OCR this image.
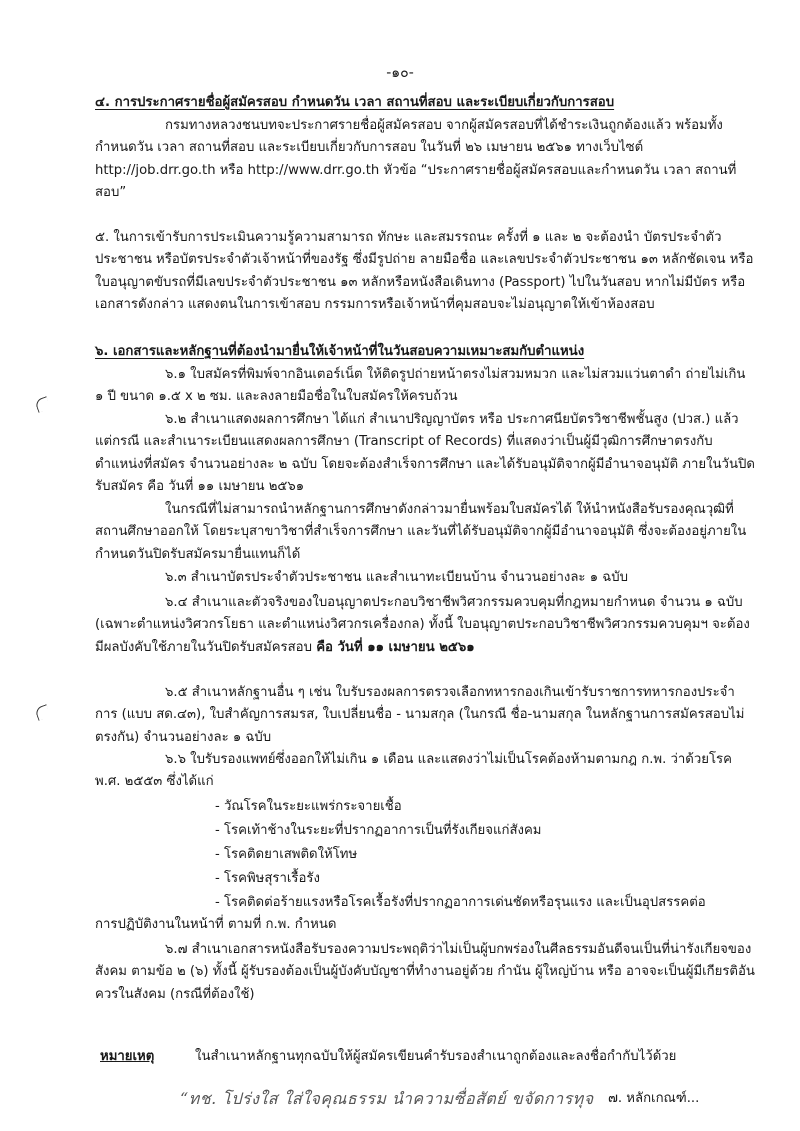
-๑๐-

๔. การประกาศรายชื่อผู้สมัครสอบ กำหนดวัน เวลา สถานที่สอบ และระเบียบเกี่ยวกับการสอบ

กรมทางหลวงชนบทจะประกาศรายชื่อผู้สมัครสอบ จากผู้สมัครสอบที่ได้ชำระเงินถูกต้องแล้ว พร้อมทั้งกำหนดวัน เวลา สถานที่สอบ และระเบียบเกี่ยวกับการสอบ ในวันที่ ๒๖ เมษายน ๒๕๖๑ ทางเว็บไซต์ http://job.drr.go.th หรือ http://www.drr.go.th หัวข้อ “ประกาศรายชื่อผู้สมัครสอบและกำหนดวัน เวลา สถานที่สอบ”

๕. ในการเข้ารับการประเมินความรู้ความสามารถ ทักษะ และสมรรถนะ ครั้งที่ ๑ และ ๒ จะต้องนำ บัตรประจำตัวประชาชน หรือบัตรประจำตัวเจ้าหน้าที่ของรัฐ ซึ่งมีรูปถ่าย ลายมือชื่อ และเลขประจำตัวประชาชน ๑๓ หลักชัดเจน หรือ ใบอนุญาตขับรถที่มีเลขประจำตัวประชาชน ๑๓ หลักหรือหนังสือเดินทาง (Passport) ไปในวันสอบ หากไม่มีบัตร หรือเอกสารดังกล่าว แสดงตนในการเข้าสอบ กรรมการหรือเจ้าหน้าที่คุมสอบจะไม่อนุญาตให้เข้าห้องสอบ

๖. เอกสารและหลักฐานที่ต้องนำมายื่นให้เจ้าหน้าที่ในวันสอบความเหมาะสมกับตำแหน่ง

๖.๑ ใบสมัครที่พิมพ์จากอินเตอร์เน็ต ให้ติดรูปถ่ายหน้าตรงไม่สวมหมวก และไม่สวมแว่นตาดำ ถ่ายไม่เกิน ๑ ปี ขนาด ๑.๕ x ๒ ซม. และลงลายมือชื่อในใบสมัครให้ครบถ้วน

๖.๒ สำเนาแสดงผลการศึกษา ได้แก่ สำเนาปริญญาบัตร หรือ ประกาศนียบัตรวิชาชีพชั้นสูง (ปวส.) แล้วแต่กรณี และสำเนาระเบียนแสดงผลการศึกษา (Transcript of Records) ที่แสดงว่าเป็นผู้มีวุฒิการศึกษาตรงกับตำแหน่งที่สมัคร จำนวนอย่างละ ๒ ฉบับ โดยจะต้องสำเร็จการศึกษา และได้รับอนุมัติจากผู้มีอำนาจอนุมัติ ภายในวันปิดรับสมัคร คือ วันที่ ๑๑ เมษายน ๒๕๖๑

ในกรณีที่ไม่สามารถนำหลักฐานการศึกษาดังกล่าวมายื่นพร้อมใบสมัครได้ ให้นำหนังสือรับรองคุณวุฒิที่สถานศึกษาออกให้ โดยระบุสาขาวิชาที่สำเร็จการศึกษา และวันที่ได้รับอนุมัติจากผู้มีอำนาจอนุมัติ ซึ่งจะต้องอยู่ภายในกำหนดวันปิดรับสมัครมายื่นแทนก็ได้

๖.๓ สำเนาบัตรประจำตัวประชาชน และสำเนาทะเบียนบ้าน จำนวนอย่างละ ๑ ฉบับ

๖.๔ สำเนาและตัวจริงของใบอนุญาตประกอบวิชาชีพวิศวกรรมควบคุมที่กฎหมายกำหนด จำนวน ๑ ฉบับ (เฉพาะตำแหน่งวิศวกรโยธา และตำแหน่งวิศวกรเครื่องกล) ทั้งนี้ ใบอนุญาตประกอบวิชาชีพวิศวกรรมควบคุมฯ จะต้องมีผลบังคับใช้ภายในวันปิดรับสมัครสอบ คือ วันที่ ๑๑ เมษายน ๒๕๖๑

๖.๕ สำเนาหลักฐานอื่น ๆ เช่น ใบรับรองผลการตรวจเลือกทหารกองเกินเข้ารับราชการทหารกองประจำการ (แบบ สด.๔๓), ใบสำคัญการสมรส, ใบเปลี่ยนชื่อ - นามสกุล (ในกรณี ชื่อ-นามสกุล ในหลักฐานการสมัครสอบไม่ตรงกัน) จำนวนอย่างละ ๑ ฉบับ

๖.๖ ใบรับรองแพทย์ซึ่งออกให้ไม่เกิน ๑ เดือน และแสดงว่าไม่เป็นโรคต้องห้ามตามกฎ ก.พ. ว่าด้วยโรค พ.ศ. ๒๕๕๓ ซึ่งได้แก่

- วัณโรคในระยะแพร่กระจายเชื้อ
- โรคเท้าช้างในระยะที่ปรากฏอาการเป็นที่รังเกียจแก่สังคม
- โรคติดยาเสพติดให้โทษ
- โรคพิษสุราเรื้อรัง
- โรคติดต่อร้ายแรงหรือโรคเรื้อรังที่ปรากฏอาการเด่นชัดหรือรุนแรง และเป็นอุปสรรคต่อ

การปฏิบัติงานในหน้าที่ ตามที่ ก.พ. กำหนด

๖.๗ สำเนาเอกสารหนังสือรับรองความประพฤติว่าไม่เป็นผู้บกพร่องในศีลธรรมอันดีจนเป็นที่น่ารังเกียจของสังคม ตามข้อ ๒ (๖) ทั้งนี้ ผู้รับรองต้องเป็นผู้บังคับบัญชาที่ทำงานอยู่ด้วย กำนัน ผู้ใหญ่บ้าน หรือ อาจจะเป็นผู้มีเกียรติอันควรในสังคม (กรณีที่ต้องใช้)

หมายเหตุ	ในสำเนาหลักฐานทุกฉบับให้ผู้สมัครเขียนคำรับรองสำเนาถูกต้องและลงชื่อกำกับไว้ด้วย
“ทช. โปร่งใส ใส่ใจคุณธรรม นำความซื่อสัตย์ ขจัดการทุจ ๗. หลักเกณฑ์...
